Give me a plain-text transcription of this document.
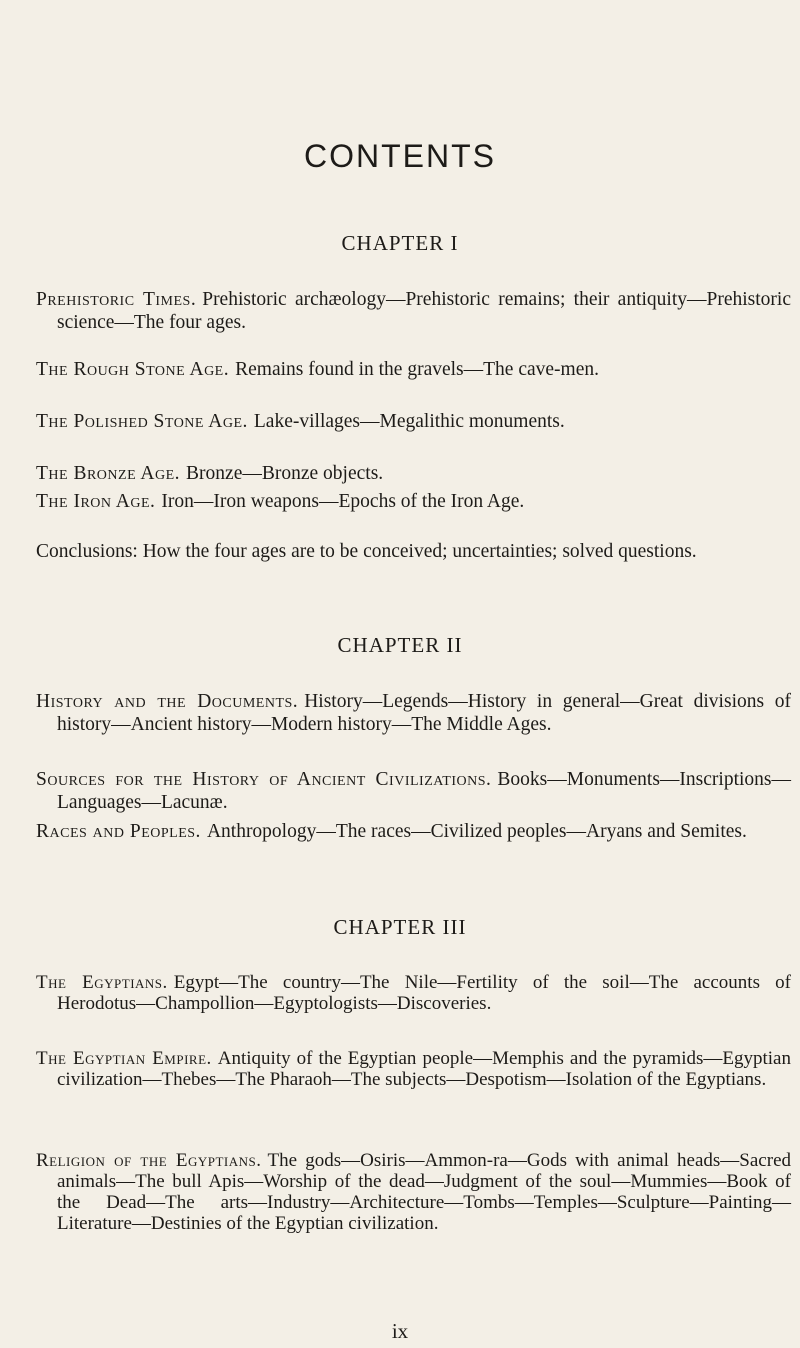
CONTENTS
CHAPTER I
Prehistoric Times. Prehistoric archæology—Prehistoric remains; their antiquity—Prehistoric science—The four ages.
The Rough Stone Age. Remains found in the gravels—The cave-men.
The Polished Stone Age. Lake-villages—Megalithic monuments.
The Bronze Age. Bronze—Bronze objects.
The Iron Age. Iron—Iron weapons—Epochs of the Iron Age.
Conclusions: How the four ages are to be conceived; uncertainties; solved questions.
CHAPTER II
History and the Documents. History—Legends—History in general—Great divisions of history—Ancient history—Modern history—The Middle Ages.
Sources for the History of Ancient Civilizations. Books—Monuments—Inscriptions—Languages—Lacunæ.
Races and Peoples. Anthropology—The races—Civilized peoples—Aryans and Semites.
CHAPTER III
The Egyptians. Egypt—The country—The Nile—Fertility of the soil—The accounts of Herodotus—Champollion—Egyptologists—Discoveries.
The Egyptian Empire. Antiquity of the Egyptian people—Memphis and the pyramids—Egyptian civilization—Thebes—The Pharaoh—The subjects—Despotism—Isolation of the Egyptians.
Religion of the Egyptians. The gods—Osiris—Ammon-ra—Gods with animal heads—Sacred animals—The bull Apis—Worship of the dead—Judgment of the soul—Mummies—Book of the Dead—The arts—Industry—Architecture—Tombs—Temples—Sculpture—Painting—Literature—Destinies of the Egyptian civilization.
ix
